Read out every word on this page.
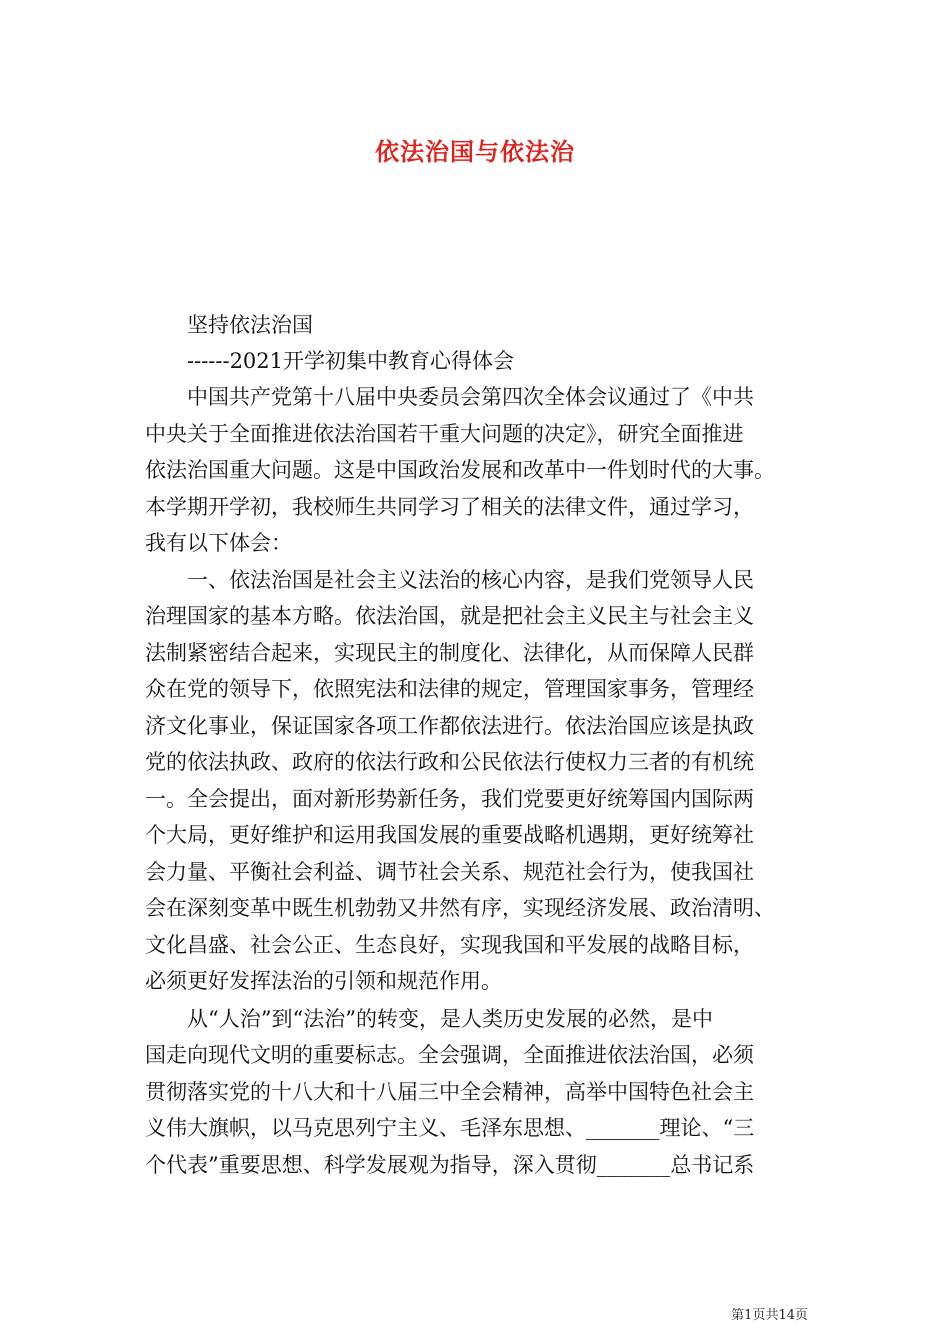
依法治国与依法治
坚持依法治国
------2021开学初集中教育心得体会
中国共产党第十八届中央委员会第四次全体会议通过了《中共
中央关于全面推进依法治国若干重大问题的决定》，研究全面推进
依法治国重大问题。这是中国政治发展和改革中一件划时代的大事。
本学期开学初，我校师生共同学习了相关的法律文件，通过学习，
我有以下体会：
一、依法治国是社会主义法治的核心内容，是我们党领导人民
治理国家的基本方略。依法治国，就是把社会主义民主与社会主义
法制紧密结合起来，实现民主的制度化、法律化，从而保障人民群
众在党的领导下，依照宪法和法律的规定，管理国家事务，管理经
济文化事业，保证国家各项工作都依法进行。依法治国应该是执政
党的依法执政、政府的依法行政和公民依法行使权力三者的有机统
一。全会提出，面对新形势新任务，我们党要更好统筹国内国际两
个大局，更好维护和运用我国发展的重要战略机遇期，更好统筹社
会力量、平衡社会利益、调节社会关系、规范社会行为，使我国社
会在深刻变革中既生机勃勃又井然有序，实现经济发展、政治清明、
文化昌盛、社会公正、生态良好，实现我国和平发展的战略目标，
必须更好发挥法治的引领和规范作用。
从“人治”到“法治”的转变，是人类历史发展的必然，是中
国走向现代文明的重要标志。全会强调，全面推进依法治国，必须
贯彻落实党的十八大和十八届三中全会精神，高举中国特色社会主
义伟大旗帜，以马克思列宁主义、毛泽东思想、_______理论、“三
个代表”重要思想、科学发展观为指导，深入贯彻_______总书记系
第1页共14页
